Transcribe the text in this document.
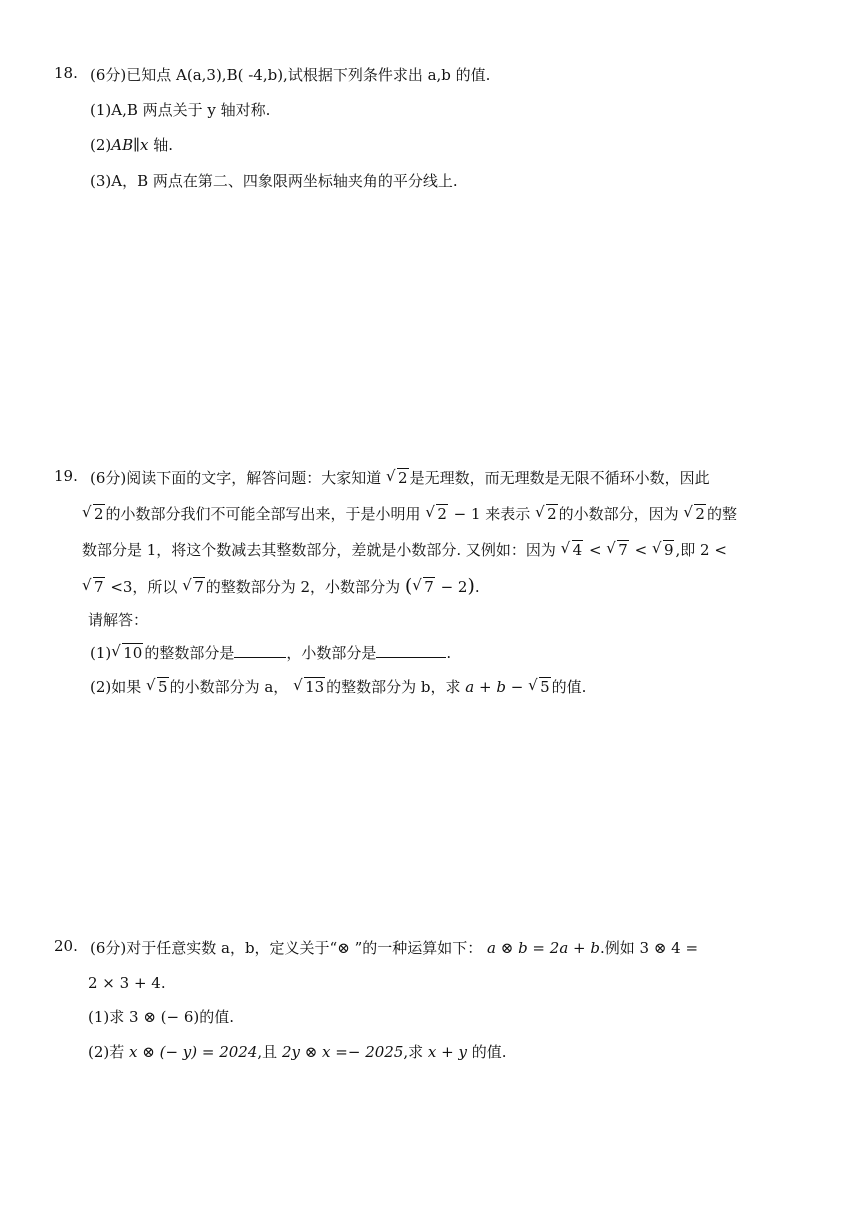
18. (6分)已知点 A(a,3),B( -4,b),试根据下列条件求出 a,b 的值.
(1)A,B 两点关于 y 轴对称.
(2)AB∥x 轴.
(3)A，B 两点在第二、四象限两坐标轴夹角的平分线上.
19. (6分)阅读下面的文字，解答问题：大家知道 √ 2 是无理数，而无理数是无限不循环小数，因此
√ 2 的小数部分我们不可能全部写出来，于是小明用 √ 2 − 1 来表示 √ 2 的小数部分，因为 √ 2 的整
数部分是 1，将这个数减去其整数部分，差就是小数部分. 又例如：因为 √ 4 < √ 7 < √ 9 ,即 2 <
√ 7 <3，所以 √ 7 的整数部分为 2，小数部分为 ( √ 7 − 2).
请解答：
(1) √ 10 的整数部分是	，小数部分是	.
(2)如果 √ 5 的小数部分为 a， √ 13 的整数部分为 b，求 a + b − √ 5 的值.
20. (6分)对于任意实数 a，b，定义关于“⊗ ”的一种运算如下： a ⊗ b = 2a + b.例如 3 ⊗ 4 =
2 × 3 + 4.
(1)求 3 ⊗ (− 6)的值.
(2)若 x ⊗ (− y) = 2024,且 2y ⊗ x =− 2025,求 x + y 的值.
